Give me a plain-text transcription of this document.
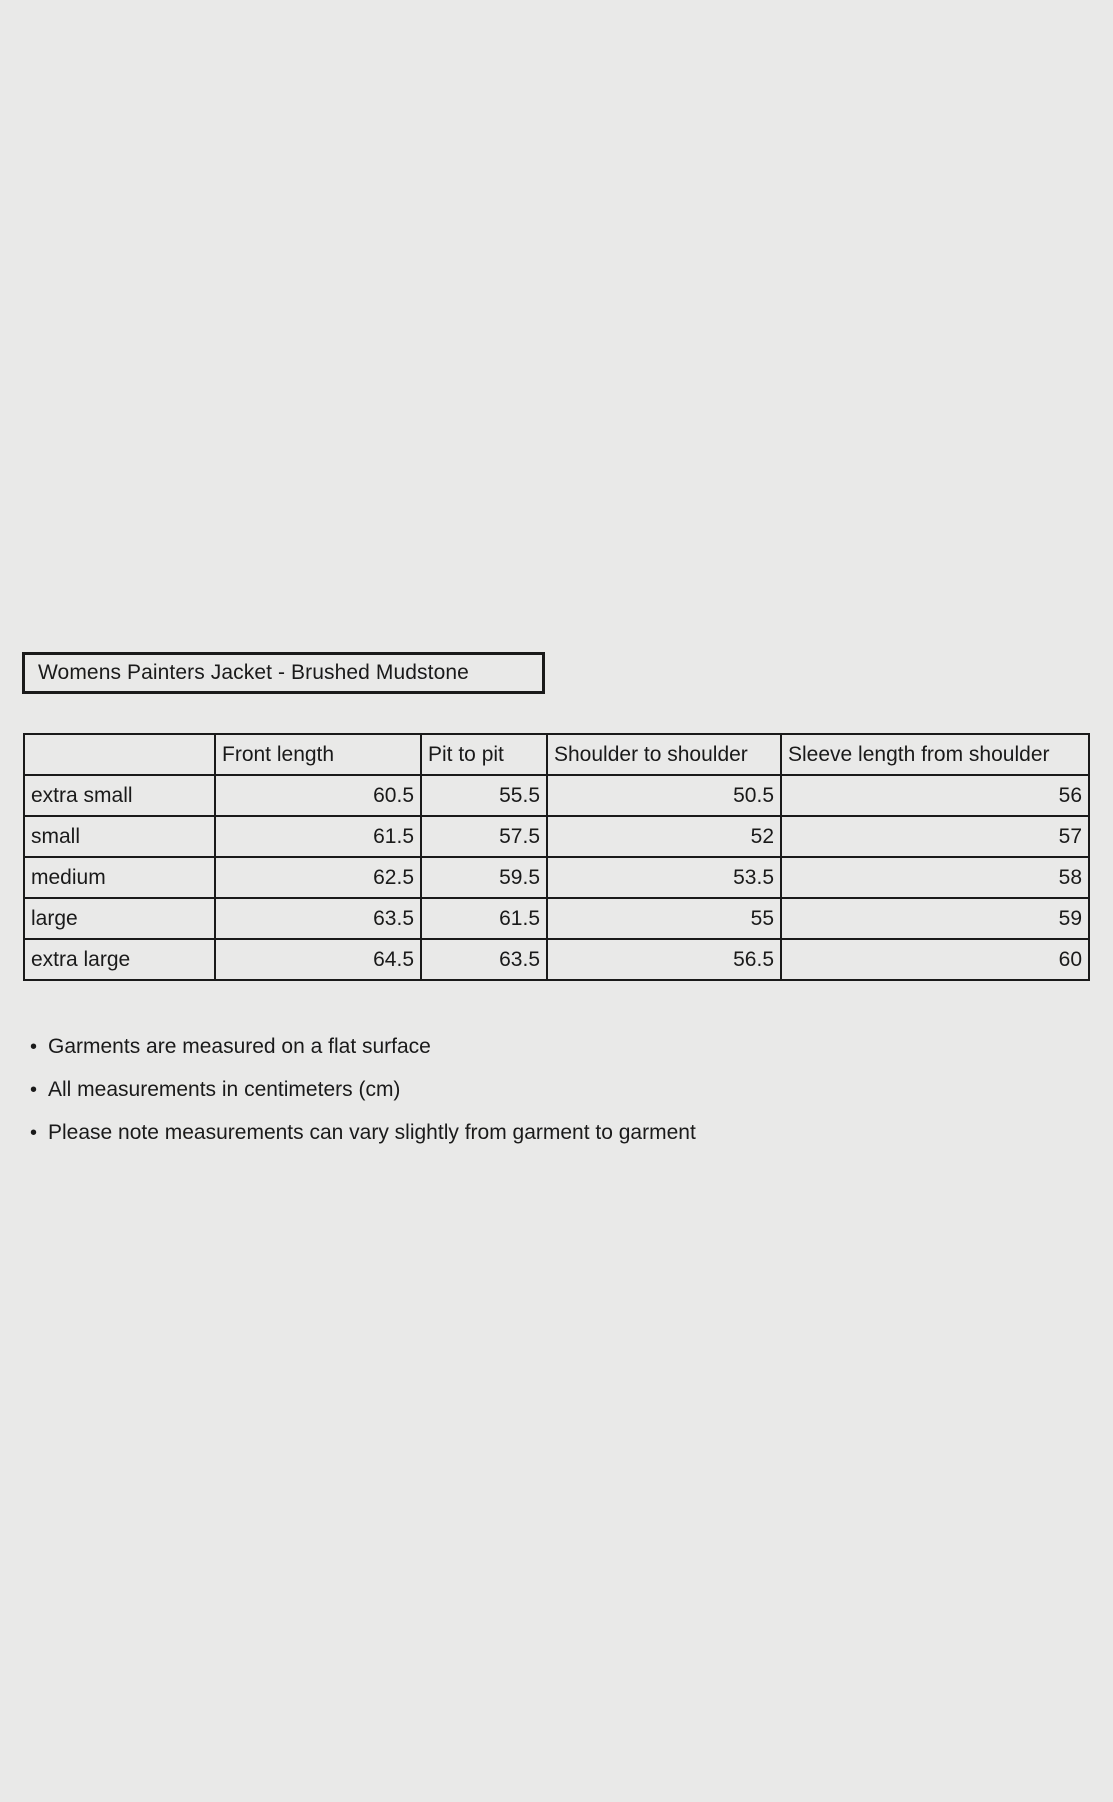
Womens Painters Jacket - Brushed Mudstone
	Front length	Pit to pit	Shoulder to shoulder	Sleeve length from shoulder
extra small	60.5	55.5	50.5	56
small	61.5	57.5	52	57
medium	62.5	59.5	53.5	58
large	63.5	61.5	55	59
extra large	64.5	63.5	56.5	60
• Garments are measured on a flat surface
• All measurements in centimeters (cm)
• Please note measurements can vary slightly from garment to garment
